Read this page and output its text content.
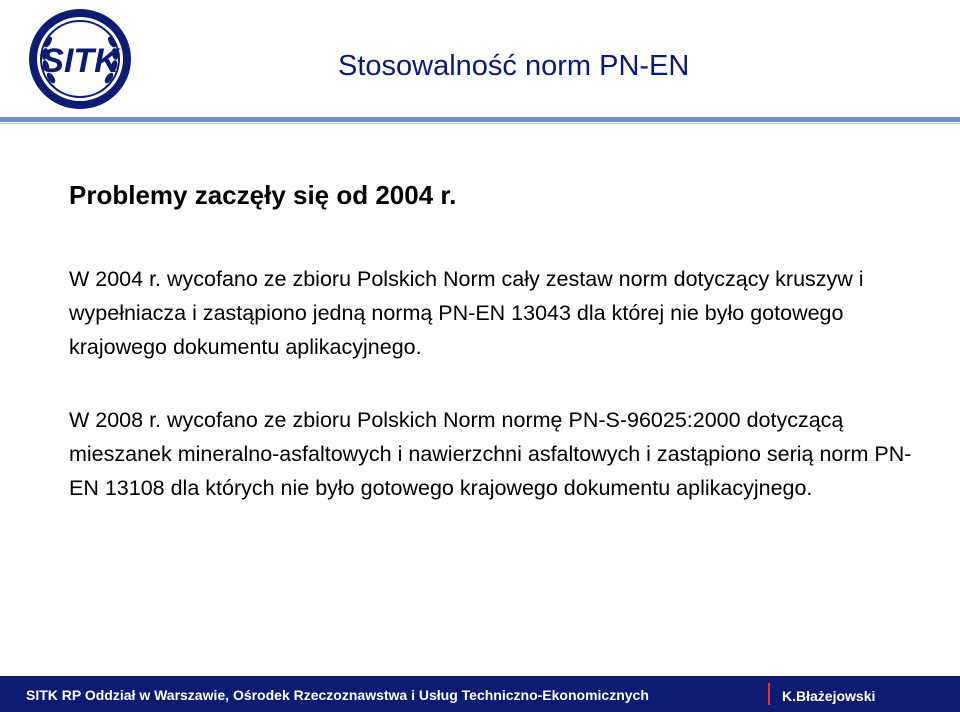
SITK	Stosowalność norm PN-EN
Problemy zaczęły się od 2004 r.
W 2004 r. wycofano ze zbioru Polskich Norm cały zestaw norm dotyczący kruszyw i wypełniacza i zastąpiono jedną normą PN-EN 13043 dla której nie było gotowego krajowego dokumentu aplikacyjnego.
W 2008 r. wycofano ze zbioru Polskich Norm normę PN-S-96025:2000 dotyczącą mieszanek mineralno-asfaltowych i nawierzchni asfaltowych i zastąpiono serią norm PN-EN 13108 dla których nie było gotowego krajowego dokumentu aplikacyjnego.
SITK RP Oddział w Warszawie, Ośrodek Rzeczoznawstwa i Usług Techniczno-Ekonomicznych	K.Błażejowski
